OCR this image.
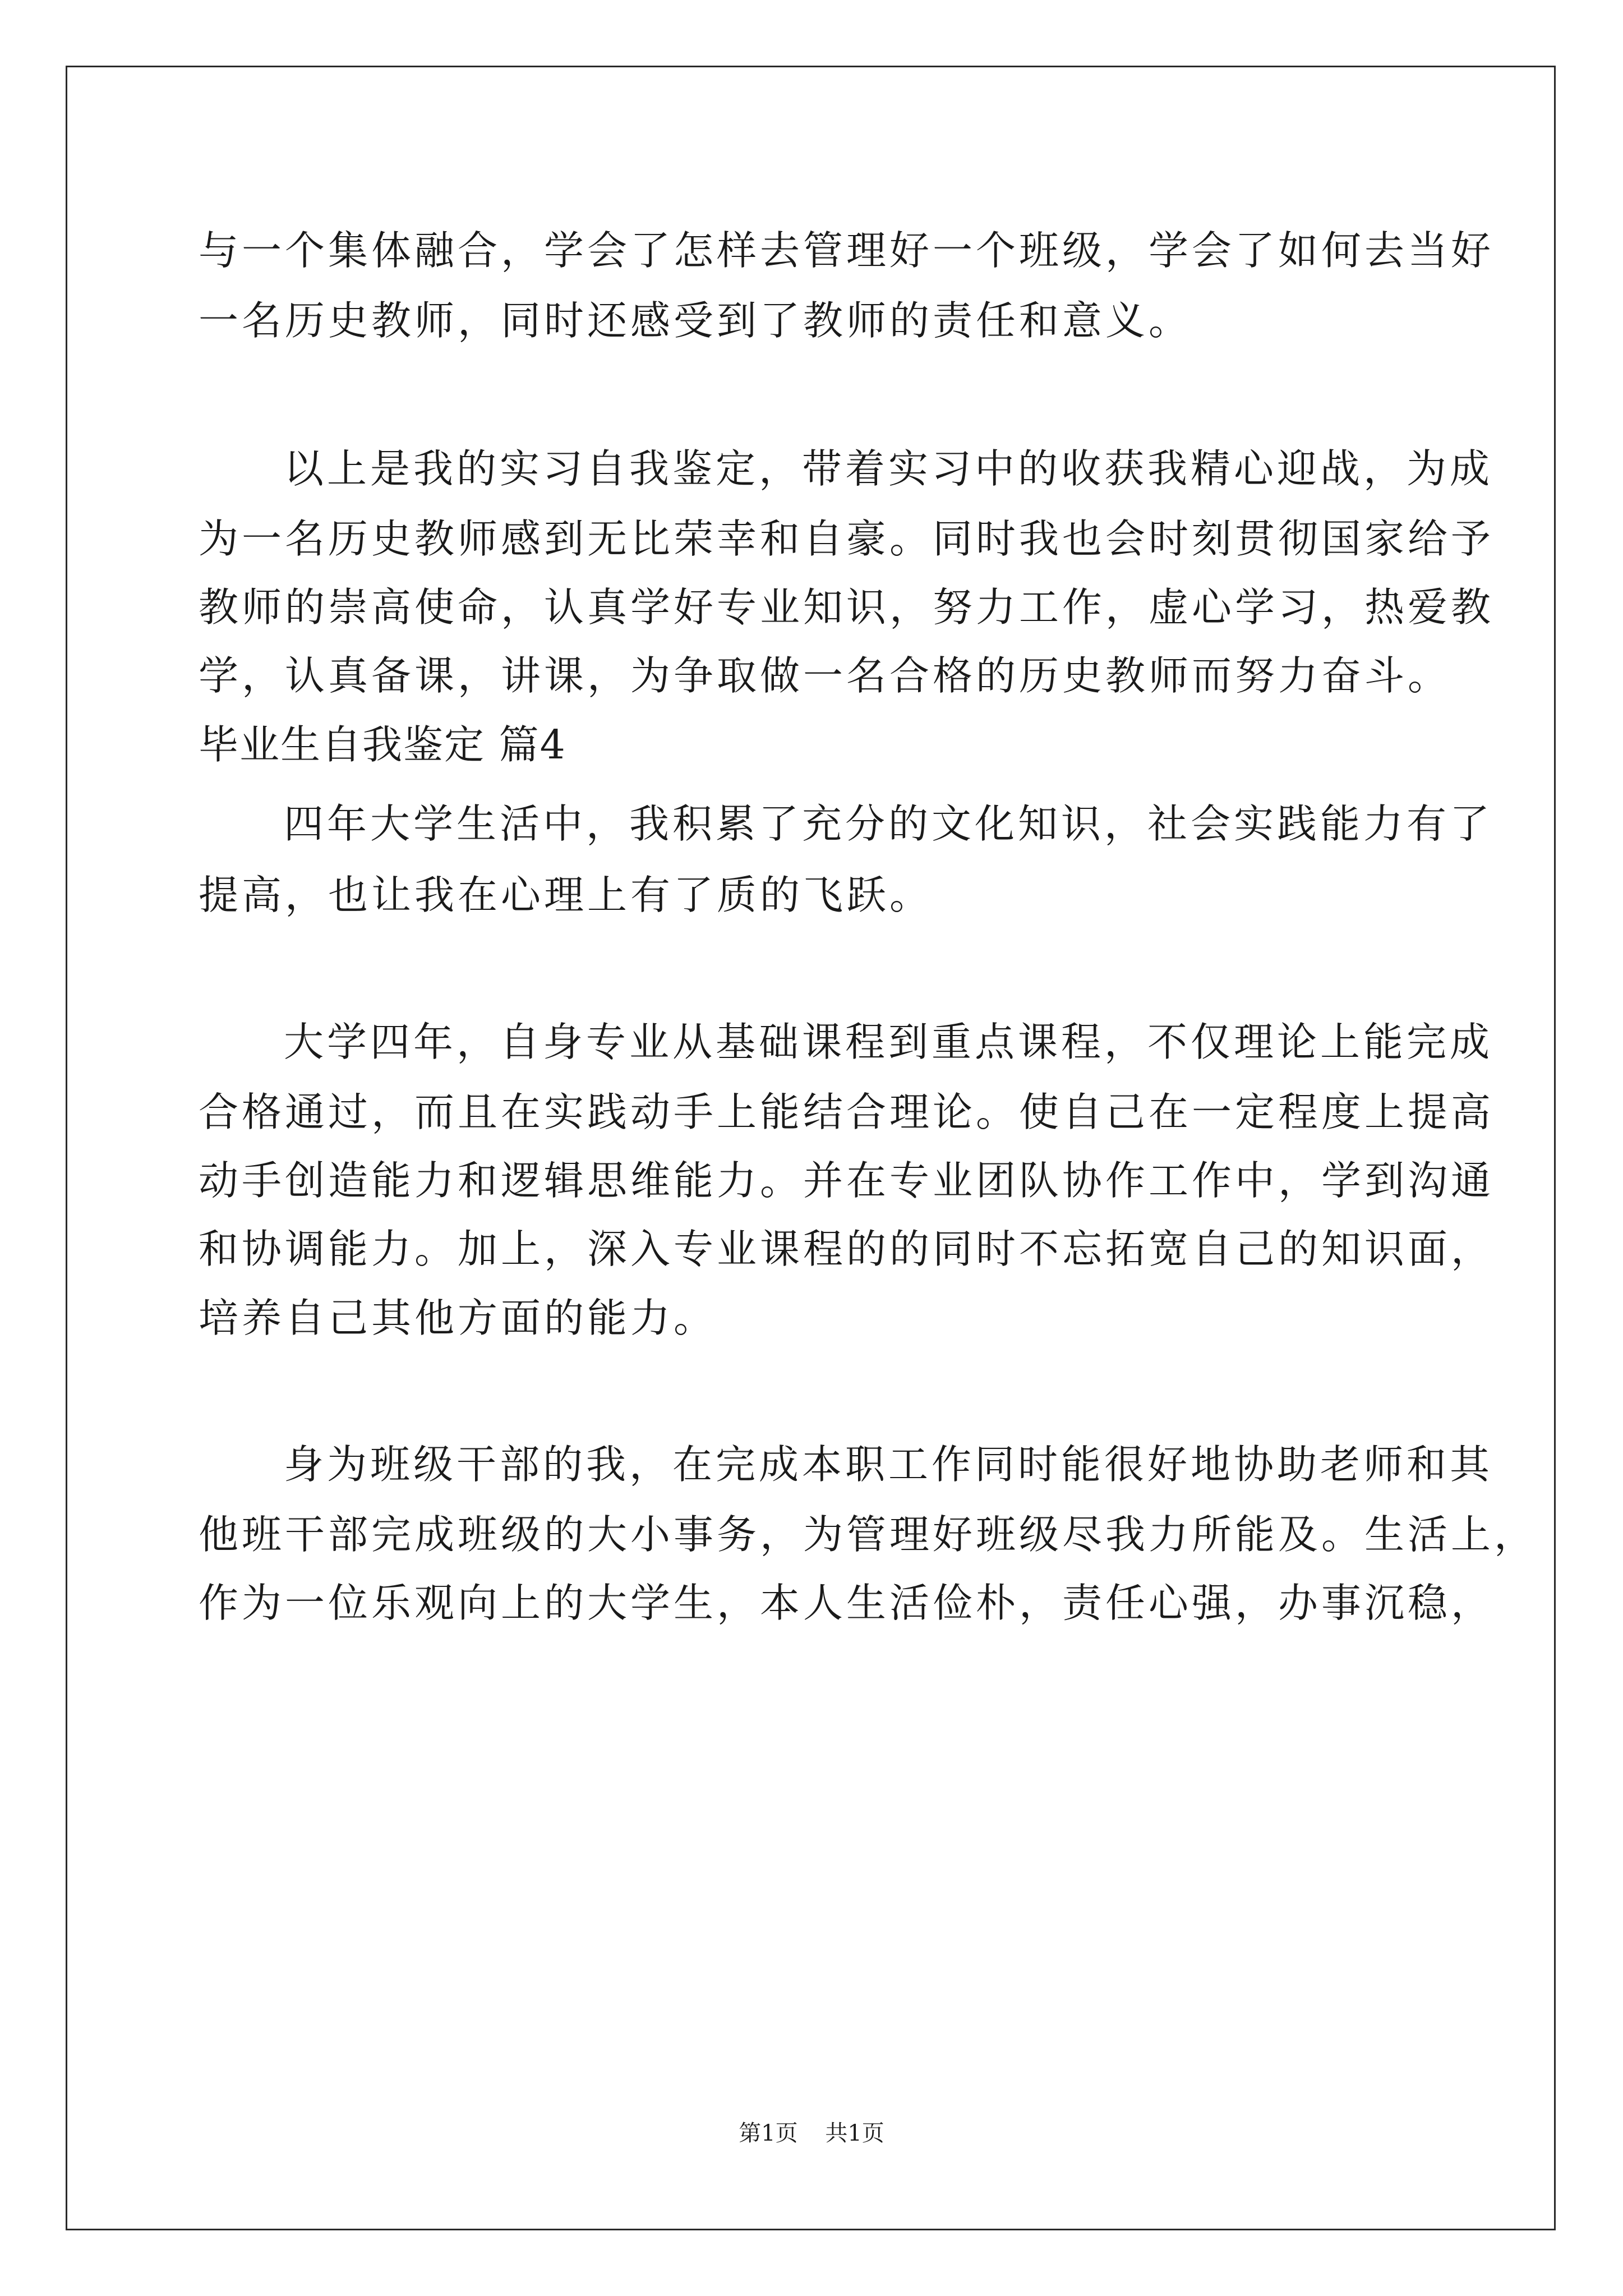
与一个集体融合，学会了怎样去管理好一个班级，学会了如何去当好
一名历史教师，同时还感受到了教师的责任和意义。
以上是我的实习自我鉴定，带着实习中的收获我精心迎战，为成
为一名历史教师感到无比荣幸和自豪。同时我也会时刻贯彻国家给予
教师的崇高使命，认真学好专业知识，努力工作，虚心学习，热爱教
学，认真备课，讲课，为争取做一名合格的历史教师而努力奋斗。
毕业生自我鉴定 篇4
四年大学生活中，我积累了充分的文化知识，社会实践能力有了
提高，也让我在心理上有了质的飞跃。
大学四年，自身专业从基础课程到重点课程，不仅理论上能完成
合格通过，而且在实践动手上能结合理论。使自己在一定程度上提高
动手创造能力和逻辑思维能力。并在专业团队协作工作中，学到沟通
和协调能力。加上，深入专业课程的的同时不忘拓宽自己的知识面，
培养自己其他方面的能力。
身为班级干部的我，在完成本职工作同时能很好地协助老师和其
他班干部完成班级的大小事务，为管理好班级尽我力所能及。生活上，
作为一位乐观向上的大学生，本人生活俭朴，责任心强，办事沉稳，
第1页 共1页
